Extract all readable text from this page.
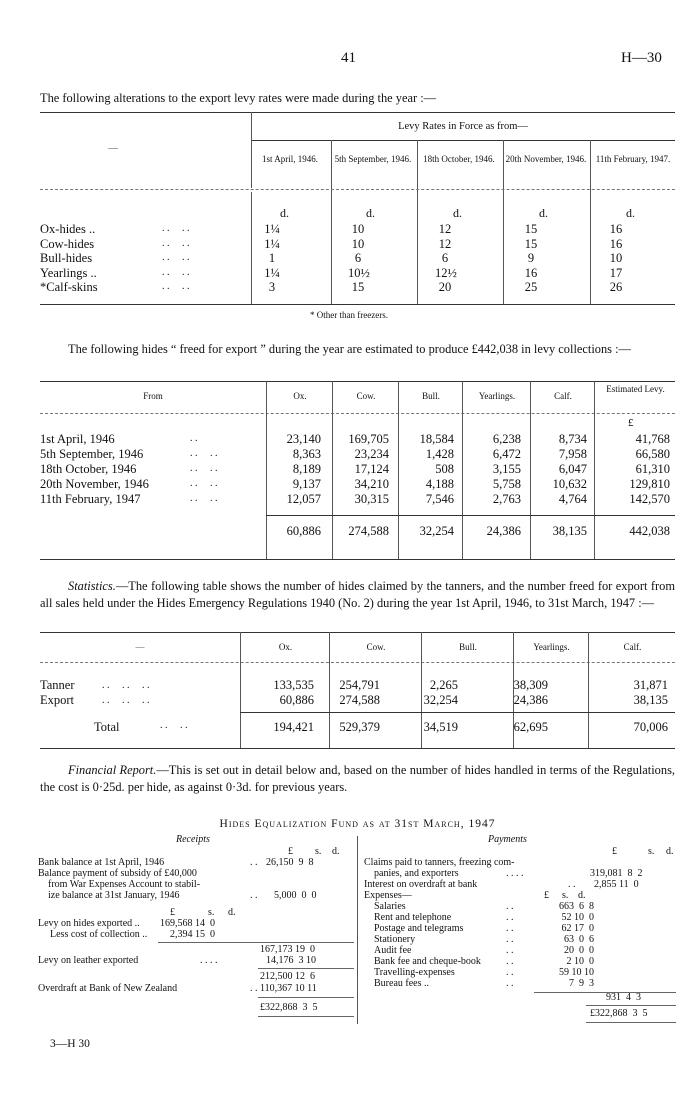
41	H—30

The following alterations to the export levy rates were made during the year :—

Levy Rates in Force as from—
—
1st April, 1946.	5th September, 1946.	18th October, 1946.	20th November, 1946.	11th February, 1947.
d.	d.	d.	d.	d.
Ox-hides ..	. .     . .	1¼	10	12	15	16
Cow-hides	. .     . .	1¼	10	12	15	16
Bull-hides	. .     . .	1	6	6	9	10
Yearlings ..	. .     . .	1¼	10½	12½	16	17
*Calf-skins	. .     . .	3	15	20	25	26
* Other than freezers.

The following hides “ freed for export ” during the year are estimated to produce £442,038 in levy collections :—

From	Ox.	Cow.	Bull.	Yearlings.	Calf.
Estimated Levy.
£
1st April, 1946	. .	23,140	169,705	18,584	6,238	8,734	41,768
5th September, 1946	. .     . .	8,363	23,234	1,428	6,472	7,958	66,580
18th October, 1946	. .     . .	8,189	17,124	508	3,155	6,047	61,310
20th November, 1946	. .     . .	9,137	34,210	4,188	5,758	10,632	129,810
11th February, 1947	. .     . .	12,057	30,315	7,546	2,763	4,764	142,570
60,886	274,588	32,254	24,386	38,135	442,038

Statistics.—The following table shows the number of hides claimed by the tanners, and the number freed for export from all sales held under the Hides Emergency Regulations 1940 (No. 2) during the year 1st April, 1946, to 31st March, 1947 :—

—	Ox.	Cow.	Bull.	Yearlings.	Calf.
Tanner	. .     . .     . .	133,535	254,791	2,265	38,309	31,871
Export	. .     . .     . .	60,886	274,588	32,254	24,386	38,135
Total	. .     . .	194,421	529,379	34,519	62,695	70,006

Financial Report.—This is set out in detail below and, based on the number of hides handled in terms of the Regulations, the cost is 0·25d. per hide, as against 0·3d. for previous years.

Hides Equalization Fund as at 31st March, 1947
Receipts	Payments
£ s. d.
Bank balance at 1st April, 1946	. . 26,150  9  8
Balance payment of subsidy of £40,000
from War Expenses Account to stabil-
ize balance at 31st January, 1946	. . 5,000  0  0
£	s. d.
Levy on hides exported .. 169,568 14  0
Less cost of collection .. 2,394 15  0
167,173 19  0
Levy on leather exported	. . . .	14,176  3 10
212,500 12  6
Overdraft at Bank of New Zealand	. . 110,367 10 11
£322,868  3  5
£	s. d.
Claims paid to tanners, freezing com-
panies, and exporters	. . . .	319,081  8  2
Interest on overdraft at bank	. . 2,855 11  0
Expenses—	£ s. d.
Salaries	. .	663  6  8
Rent and telephone	. .	52 10  0
Postage and telegrams	. .	62 17  0
Stationery	. .	63  0  6
Audit fee	. .	20  0  0
Bank fee and cheque-book	. .	2 10  0
Travelling-expenses	. .	59 10 10
Bureau fees ..	. .	7  9  3
931  4  3
£322,868  3  5
3—H 30
